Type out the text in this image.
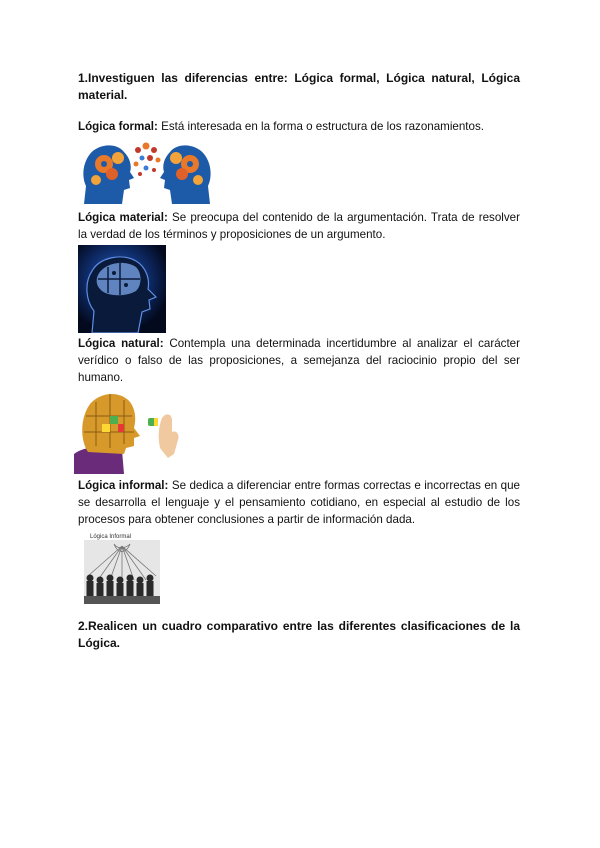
1.Investiguen las diferencias entre: Lógica formal, Lógica natural, Lógica material.
Lógica formal: Está interesada en la forma o estructura de los razonamientos.
Lógica material: Se preocupa del contenido de la argumentación. Trata de resolver la verdad de los términos y proposiciones de un argumento.
Lógica natural: Contempla una determinada incertidumbre al analizar el carácter verídico o falso de las proposiciones, a semejanza del raciocinio propio del ser humano.
Lógica informal: Se dedica a diferenciar entre formas correctas e incorrectas en que se desarrolla el lenguaje y el pensamiento cotidiano, en especial al estudio de los procesos para obtener conclusiones a partir de información dada.
Lógica Informal
2.Realicen un cuadro comparativo entre las diferentes clasificaciones de la Lógica.
